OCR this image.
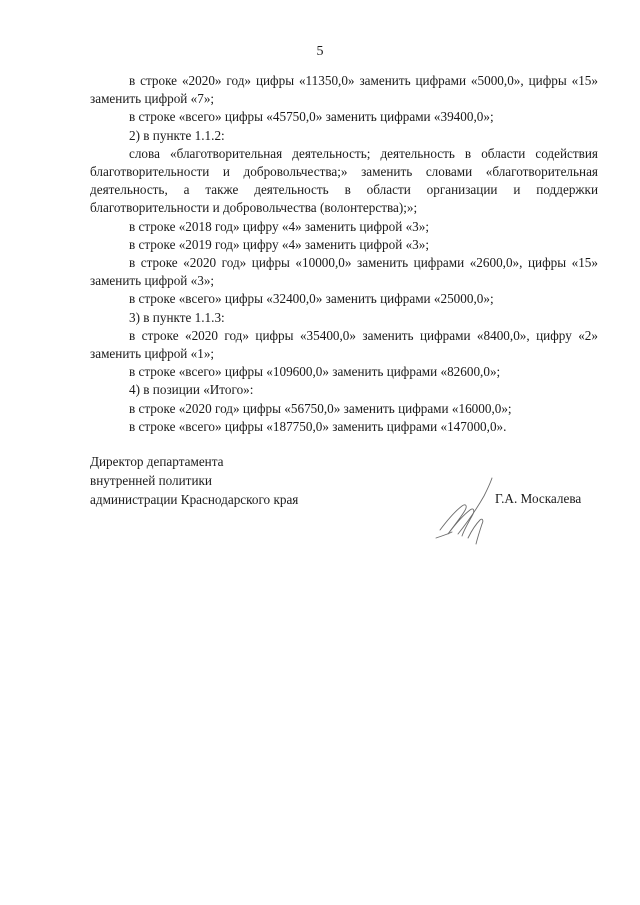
5

в строке «2020» год» цифры «11350,0» заменить цифрами «5000,0», цифры «15» заменить цифрой «7»;

в строке «всего» цифры «45750,0» заменить цифрами «39400,0»;

2) в пункте 1.1.2:

слова «благотворительная деятельность; деятельность в области содействия благотворительности и добровольчества;» заменить словами «благотворительная деятельность, а также деятельность в области организации и поддержки благотворительности и добровольчества (волонтерства);»;

в строке «2018 год» цифру «4» заменить цифрой «3»;

в строке «2019 год» цифру «4» заменить цифрой «3»;

в строке «2020 год» цифры «10000,0» заменить цифрами «2600,0», цифры «15» заменить цифрой «3»;

в строке «всего» цифры «32400,0» заменить цифрами «25000,0»;

3) в пункте 1.1.3:

в строке «2020 год» цифры «35400,0» заменить цифрами «8400,0», цифру «2» заменить цифрой «1»;

в строке «всего» цифры «109600,0» заменить цифрами «82600,0»;

4) в позиции «Итого»:

в строке «2020 год» цифры «56750,0» заменить цифрами «16000,0»;

в строке «всего» цифры «187750,0» заменить цифрами «147000,0».

Директор департамента
внутренней политики
администрации Краснодарского края	Г.А. Москалева
